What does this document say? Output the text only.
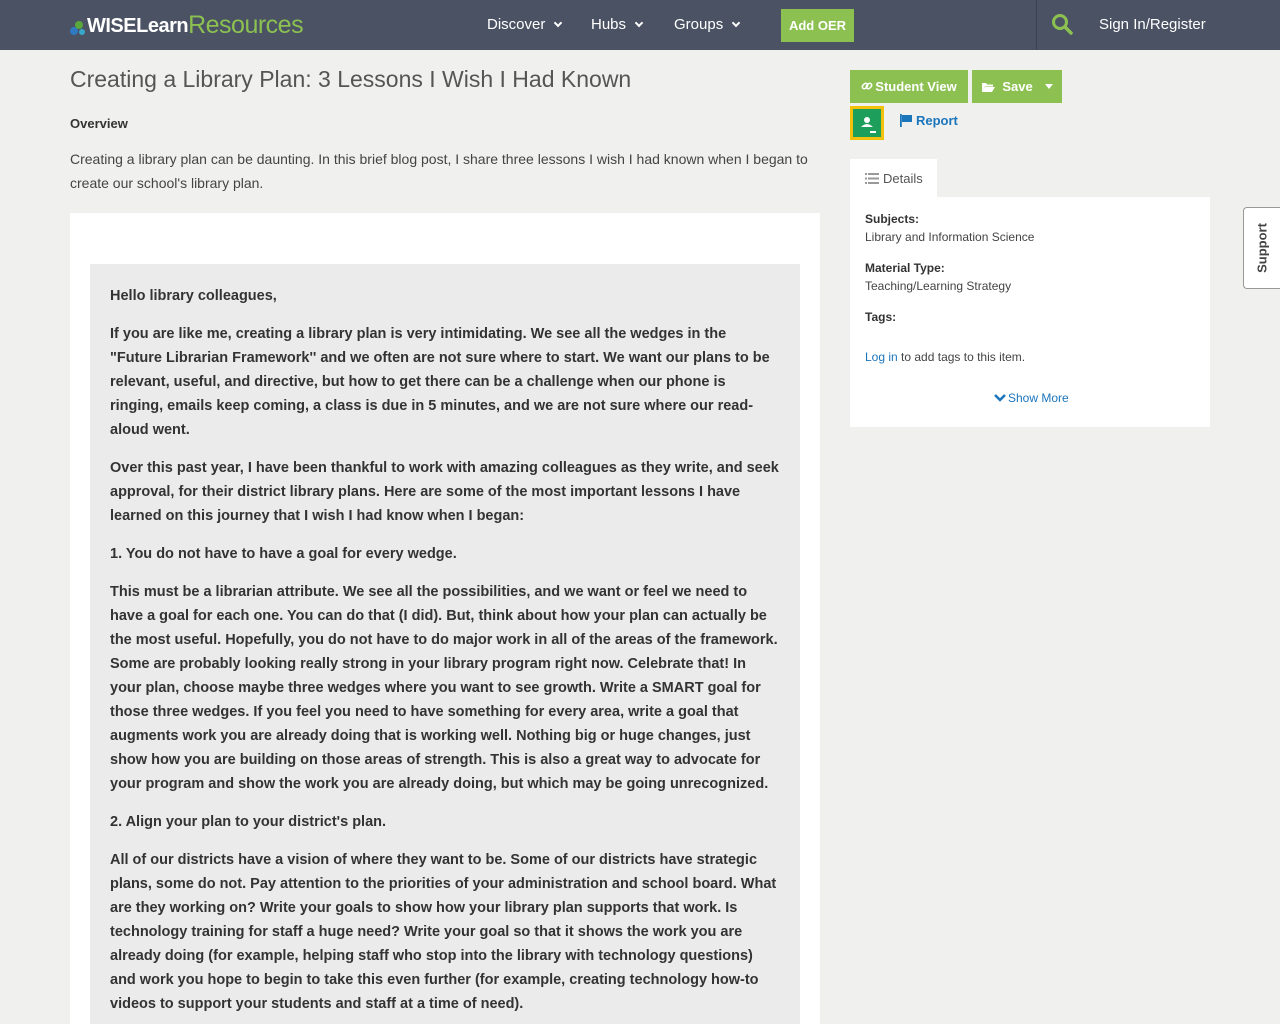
WISELearn Resources	Discover	Hubs	Groups	Add OER	Sign In/Register
Creating a Library Plan: 3 Lessons I Wish I Had Known
Overview

Creating a library plan can be daunting. In this brief blog post, I share three lessons I wish I had known when I began to create our school's library plan.

Hello library colleagues,

If you are like me, creating a library plan is very intimidating. We see all the wedges in the "Future Librarian Framework'' and we often are not sure where to start. We want our plans to be relevant, useful, and directive, but how to get there can be a challenge when our phone is ringing, emails keep coming, a class is due in 5 minutes, and we are not sure where our read-aloud went.

Over this past year, I have been thankful to work with amazing colleagues as they write, and seek approval, for their district library plans. Here are some of the most important lessons I have learned on this journey that I wish I had know when I began:

1. You do not have to have a goal for every wedge.

This must be a librarian attribute. We see all the possibilities, and we want or feel we need to have a goal for each one. You can do that (I did). But, think about how your plan can actually be the most useful. Hopefully, you do not have to do major work in all of the areas of the framework. Some are probably looking really strong in your library program right now. Celebrate that! In your plan, choose maybe three wedges where you want to see growth. Write a SMART goal for those three wedges. If you feel you need to have something for every area, write a goal that augments work you are already doing that is working well. Nothing big or huge changes, just show how you are building on those areas of strength. This is also a great way to advocate for your program and show the work you are already doing, but which may be going unrecognized.

2. Align your plan to your district's plan.

All of our districts have a vision of where they want to be. Some of our districts have strategic plans, some do not. Pay attention to the priorities of your administration and school board. What are they working on? Write your goals to show how your library plan supports that work. Is technology training for staff a huge need? Write your goal so that it shows the work you are already doing (for example, helping staff who stop into the library with technology questions) and work you hope to begin to take this even further (for example, creating technology how-to videos to support your students and staff at a time of need).

Student View	Save
Report
Details
Subjects:
Library and Information Science
Material Type:
Teaching/Learning Strategy
Tags:
Log in to add tags to this item.
Show More
Support
